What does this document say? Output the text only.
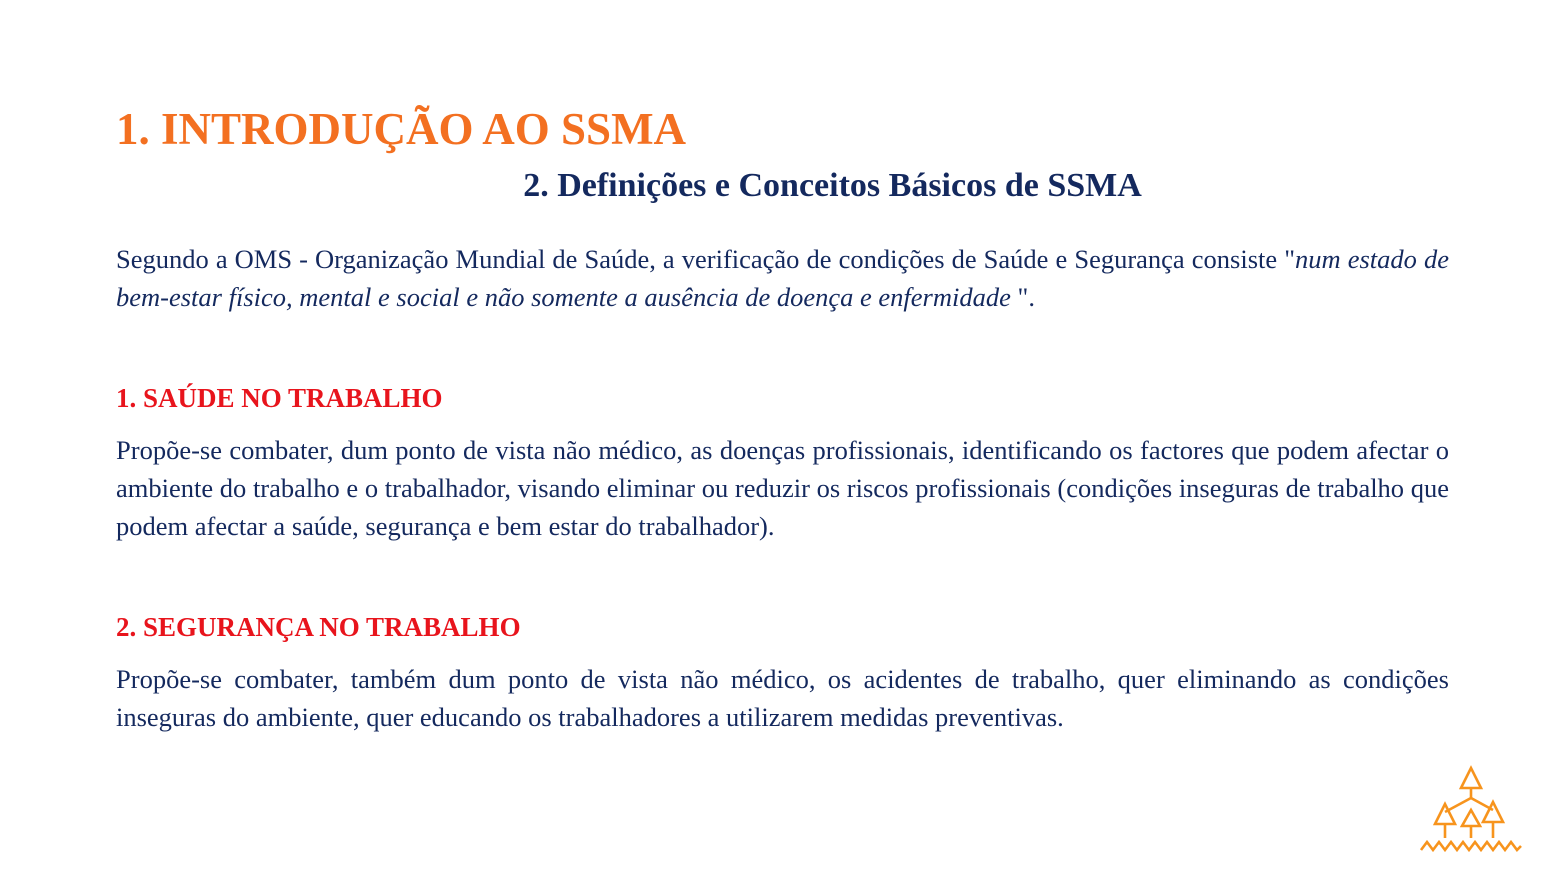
1. INTRODUÇÃO AO SSMA
2. Definições e Conceitos Básicos de SSMA

Segundo a OMS - Organização Mundial de Saúde, a verificação de condições de Saúde e Segurança consiste "num estado de bem-estar físico, mental e social e não somente a ausência de doença e enfermidade ".

1. SAÚDE NO TRABALHO

Propõe-se combater, dum ponto de vista não médico, as doenças profissionais, identificando os factores que podem afectar o ambiente do trabalho e o trabalhador, visando eliminar ou reduzir os riscos profissionais (condições inseguras de trabalho que podem afectar a saúde, segurança e bem estar do trabalhador).

2. SEGURANÇA NO TRABALHO

Propõe-se combater, também dum ponto de vista não médico, os acidentes de trabalho, quer eliminando as condições inseguras do ambiente, quer educando os trabalhadores a utilizarem medidas preventivas.
